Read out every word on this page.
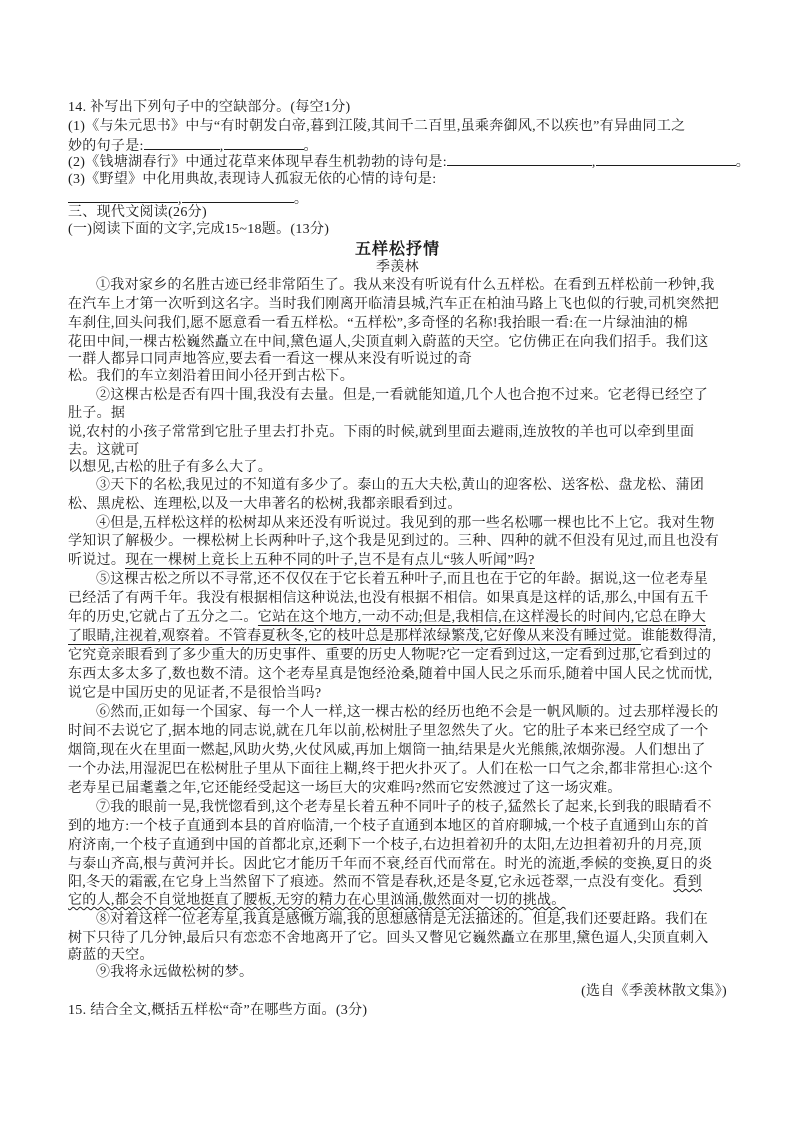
14. 补写出下列句子中的空缺部分。(每空1分)
(1)《与朱元思书》中与“有时朝发白帝,暮到江陵,其间千二百里,虽乘奔御风,不以疾也”有异曲同工之
妙的句子是:	,	。
(2)《钱塘湖春行》中通过花草来体现早春生机勃勃的诗句是:	,	。
(3)《野望》中化用典故,表现诗人孤寂无依的心情的诗句是:
,	。
三、现代文阅读(26分)
(一)阅读下面的文字,完成15~18题。(13分)
五样松抒情
季羡林
①我对家乡的名胜古迹已经非常陌生了。我从来没有听说有什么五样松。在看到五样松前一秒钟,我
在汽车上才第一次听到这名字。当时我们刚离开临清县城,汽车正在柏油马路上飞也似的行驶,司机突然把
车刹住,回头问我们,愿不愿意看一看五样松。“五样松”,多奇怪的名称!我抬眼一看:在一片绿油油的棉
花田中间,一棵古松巍然矗立在中间,黛色逼人,尖顶直刺入蔚蓝的天空。它仿佛正在向我们招手。我们这
一群人都异口同声地答应,要去看一看这一棵从来没有听说过的奇
松。我们的车立刻沿着田间小径开到古松下。
②这棵古松是否有四十围,我没有去量。但是,一看就能知道,几个人也合抱不过来。它老得已经空了
肚子。据
说,农村的小孩子常常到它肚子里去打扑克。下雨的时候,就到里面去避雨,连放牧的羊也可以牵到里面
去。这就可
以想见,古松的肚子有多么大了。
③天下的名松,我见过的不知道有多少了。泰山的五大夫松,黄山的迎客松、送客松、盘龙松、蒲团
松、黑虎松、连理松,以及一大串著名的松树,我都亲眼看到过。
④但是,五样松这样的松树却从来还没有听说过。我见到的那一些名松哪一棵也比不上它。我对生物
学知识了解极少。一棵松树上长两种叶子,这个我是见到过的。三种、四种的就不但没有见过,而且也没有
听说过。现在一棵树上竟长上五种不同的叶子,岂不是有点儿“骇人听闻”吗?
⑤这棵古松之所以不寻常,还不仅仅在于它长着五种叶子,而且也在于它的年龄。据说,这一位老寿星
已经活了有两千年。我没有根据相信这种说法,也没有根据不相信。如果真是这样的话,那么,中国有五千
年的历史,它就占了五分之二。它站在这个地方,一动不动;但是,我相信,在这样漫长的时间内,它总在睁大
了眼睛,注视着,观察着。不管春夏秋冬,它的枝叶总是那样浓绿繁茂,它好像从来没有睡过觉。谁能数得清,
它究竟亲眼看到了多少重大的历史事件、重要的历史人物呢?它一定看到过这,一定看到过那,它看到过的
东西太多太多了,数也数不清。这个老寿星真是饱经沧桑,随着中国人民之乐而乐,随着中国人民之忧而忧,
说它是中国历史的见证者,不是很恰当吗?
⑥然而,正如每一个国家、每一个人一样,这一棵古松的经历也绝不会是一帆风顺的。过去那样漫长的
时间不去说它了,据本地的同志说,就在几年以前,松树肚子里忽然失了火。它的肚子本来已经空成了一个
烟筒,现在火在里面一燃起,风助火势,火仗风威,再加上烟筒一抽,结果是火光熊熊,浓烟弥漫。人们想出了
一个办法,用湿泥巴在松树肚子里从下面往上糊,终于把火扑灭了。人们在松一口气之余,都非常担心:这个
老寿星已届耄耋之年,它还能经受起这一场巨大的灾难吗?然而它安然渡过了这一场灾难。
⑦我的眼前一晃,我恍惚看到,这个老寿星长着五种不同叶子的枝子,猛然长了起来,长到我的眼睛看不
到的地方:一个枝子直通到本县的首府临清,一个枝子直通到本地区的首府聊城,一个枝子直通到山东的首
府济南,一个枝子直通到中国的首都北京,还剩下一个枝子,右边担着初升的太阳,左边担着初升的月亮,顶
与泰山齐高,根与黄河并长。因此它才能历千年而不衰,经百代而常在。时光的流逝,季候的变换,夏日的炎
阳,冬天的霜霰,在它身上当然留下了痕迹。然而不管是春秋,还是冬夏,它永远苍翠,一点没有变化。看到
它的人,都会不自觉地挺直了腰板,无穷的精力在心里汹涌,傲然面对一切的挑战。
⑧对着这样一位老寿星,我真是感慨万端,我的思想感情是无法描述的。但是,我们还要赶路。我们在
树下只待了几分钟,最后只有恋恋不舍地离开了它。回头又瞥见它巍然矗立在那里,黛色逼人,尖顶直刺入
蔚蓝的天空。
⑨我将永远做松树的梦。
(选自《季羡林散文集》)
15. 结合全文,概括五样松“奇”在哪些方面。(3分)
